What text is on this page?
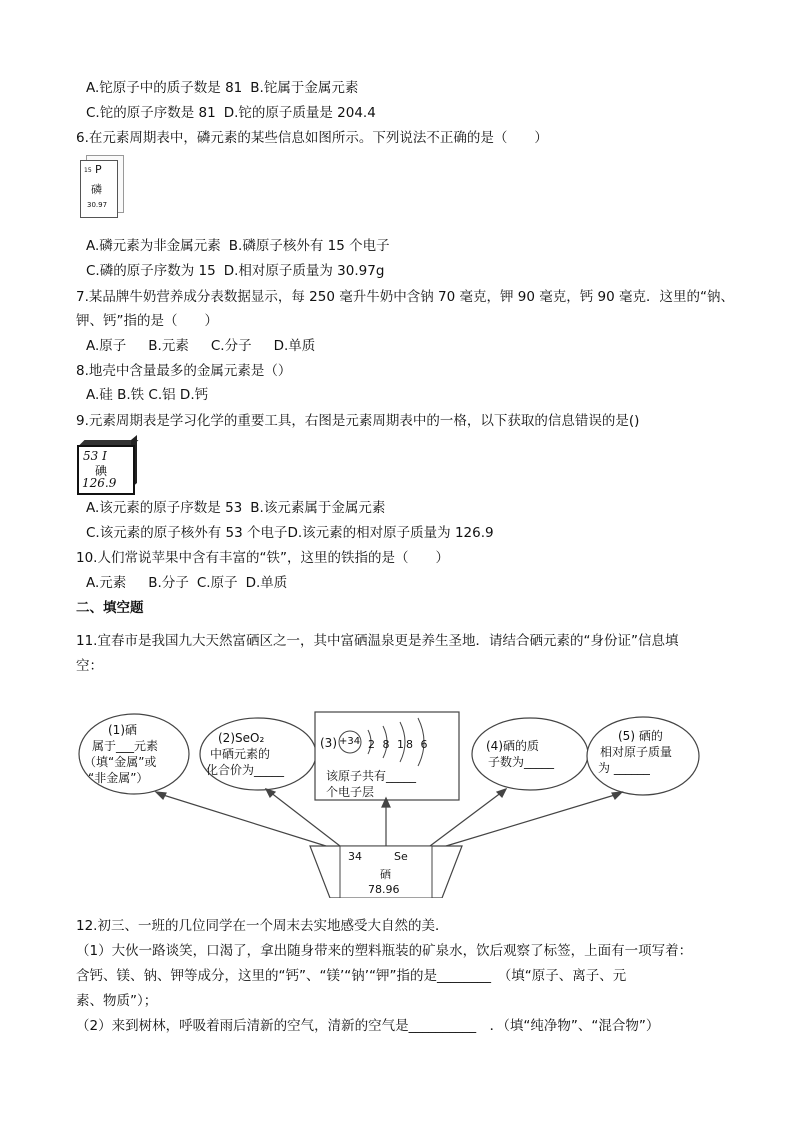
A.铊原子中的质子数是 81 B.铊属于金属元素
C.铊的原子序数是 81 D.铊的原子质量是 204.4
6.在元素周期表中，磷元素的某些信息如图所示。下列说法不正确的是（　　）
15 P
磷
30.97
A.磷元素为非金属元素 B.磷原子核外有 15 个电子
C.磷的原子序数为 15 D.相对原子质量为 30.97g
7.某品牌牛奶营养成分表数据显示，每 250 毫升牛奶中含钠 70 毫克，钾 90 毫克，钙 90 毫克．这里的“钠、
钾、钙”指的是（　　）
A.原子 B.元素 C.分子 D.单质
8.地壳中含量最多的金属元素是（）
A.硅 B.铁 C.铝 D.钙
9.元素周期表是学习化学的重要工具，右图是元素周期表中的一格，以下获取的信息错误的是()
53 I
碘
126.9
A.该元素的原子序数是 53 B.该元素属于金属元素
C.该元素的原子核外有 53 个电子D.该元素的相对原子质量为 126.9
10.人们常说苹果中含有丰富的“铁”，这里的铁指的是（　　）
A.元素 B.分子 C.原子 D.单质
二、填空题
11.宜春市是我国九大天然富硒区之一，其中富硒温泉更是养生圣地．请结合硒元素的“身份证”信息填
空：
(1)硒
属于___元素
（填“金属”或
“非金属”）
(2)SeO₂
中硒元素的
化合价为_____
(3) +34 2 8 18 6
该原子共有_____
个电子层
(4)硒的质
子数为_____
(5) 硒的
相对原子质量
为 ______
34	Se
硒
78.96
12.初三、一班的几位同学在一个周末去实地感受大自然的美．
（1）大伙一路谈笑，口渴了，拿出随身带来的塑料瓶装的矿泉水，饮后观察了标签，上面有一项写着：
含钙、镁、钠、钾等成分，这里的“钙”、“镁’“钠’“钾”指的是________　（填“原子、离子、元
素、物质”）；
（2）来到树林，呼吸着雨后清新的空气，清新的空气是__________　．（填“纯净物”、“混合物”）
